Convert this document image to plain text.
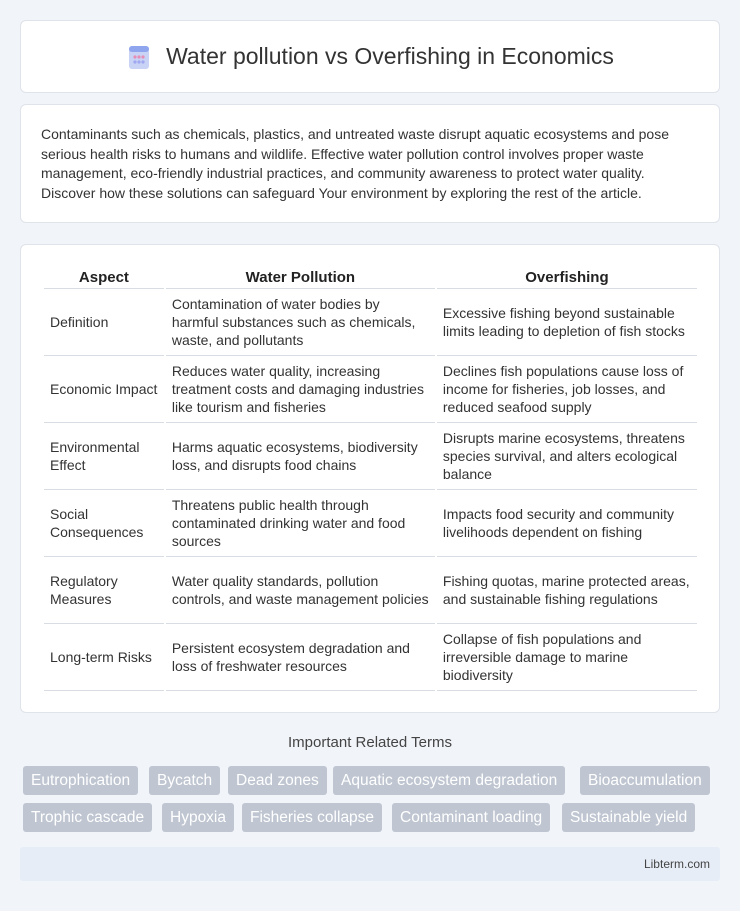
Water pollution vs Overfishing in Economics

Contaminants such as chemicals, plastics, and untreated waste disrupt aquatic ecosystems and pose serious health risks to humans and wildlife. Effective water pollution control involves proper waste management, eco-friendly industrial practices, and community awareness to protect water quality. Discover how these solutions can safeguard Your environment by exploring the rest of the article.

Aspect	Water Pollution	Overfishing
Definition	Contamination of water bodies by harmful substances such as chemicals, waste, and pollutants	Excessive fishing beyond sustainable limits leading to depletion of fish stocks
Economic Impact	Reduces water quality, increasing treatment costs and damaging industries like tourism and fisheries	Declines fish populations cause loss of income for fisheries, job losses, and reduced seafood supply
Environmental Effect	Harms aquatic ecosystems, biodiversity loss, and disrupts food chains	Disrupts marine ecosystems, threatens species survival, and alters ecological balance
Social Consequences	Threatens public health through contaminated drinking water and food sources	Impacts food security and community livelihoods dependent on fishing
Regulatory Measures	Water quality standards, pollution controls, and waste management policies	Fishing quotas, marine protected areas, and sustainable fishing regulations
Long-term Risks	Persistent ecosystem degradation and loss of freshwater resources	Collapse of fish populations and irreversible damage to marine biodiversity
Important Related Terms
Eutrophication	Bycatch	Dead zones	Aquatic ecosystem degradation	Bioaccumulation
Trophic cascade	Hypoxia	Fisheries collapse	Contaminant loading	Sustainable yield
Libterm.com
